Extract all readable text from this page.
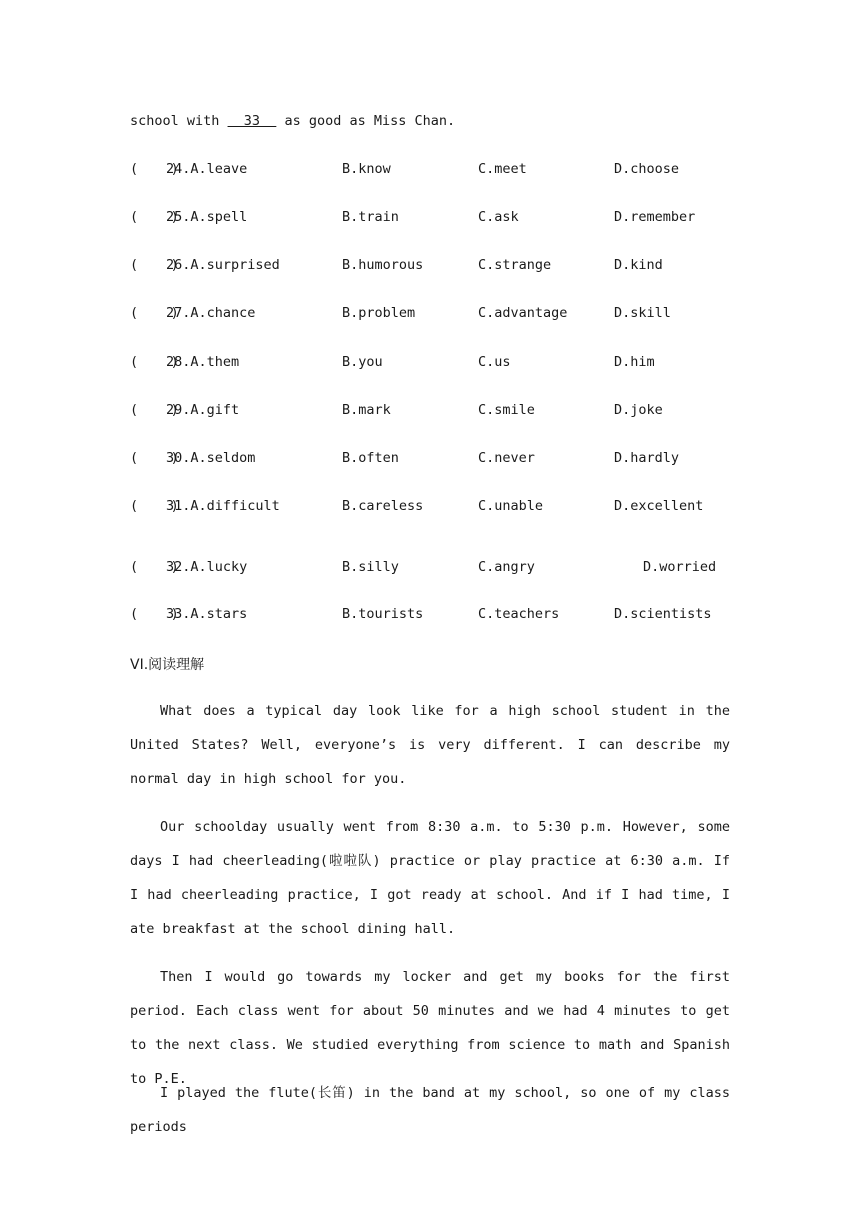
school with   33   as good as Miss Chan.
(    )
24.A.leave	B.know	C.meet	D.choose
(    )
25.A.spell	B.train	C.ask	D.remember
(    )
26.A.surprised	B.humorous	C.strange	D.kind
(    )
27.A.chance	B.problem	C.advantage	D.skill
(    )
28.A.them	B.you	C.us	D.him
(    )
29.A.gift	B.mark	C.smile	D.joke
(    )
30.A.seldom	B.often	C.never	D.hardly
(    )
31.A.difficult	B.careless	C.unable	D.excellent
(    )
32.A.lucky	B.silly	C.angry	D.worried
(    )
33.A.stars	B.tourists	C.teachers	D.scientists
VI.阅读理解

What does a typical day look like for a high school student in the United States? Well, everyone’s is very different. I can describe my normal day in high school for you.

Our schoolday usually went from 8:30 a.m. to 5:30 p.m. However, some days I had cheerleading(啦啦队) practice or play practice at 6:30 a.m. If I had cheerleading practice, I got ready at school. And if I had time, I ate breakfast at the school dining hall.

Then I would go towards my locker and get my books for the first period. Each class went for about 50 minutes and we had 4 minutes to get to the next class. We studied everything from science to math and Spanish to P.E.

I played the flute(长笛) in the band at my school, so one of my class periods
